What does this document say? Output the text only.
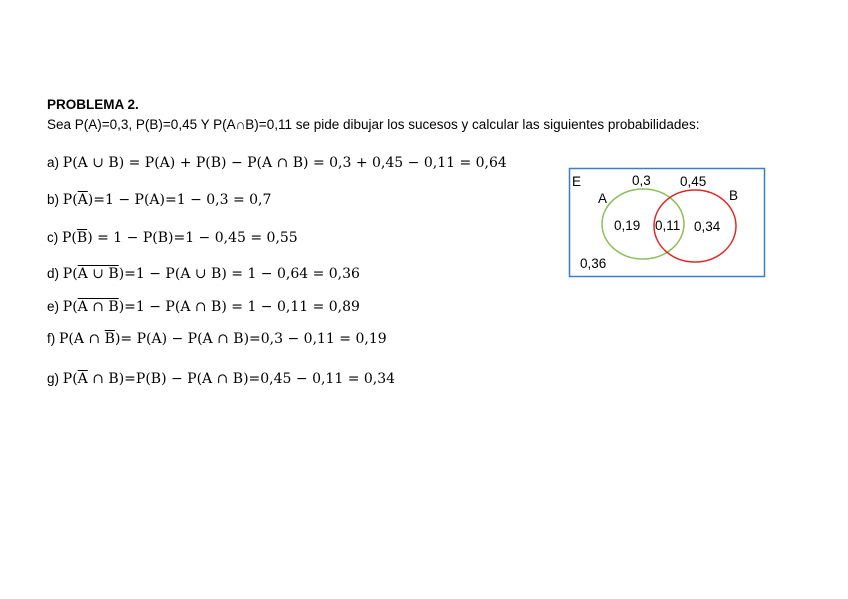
PROBLEMA 2.
Sea P(A)=0,3, P(B)=0,45 Y P(A∩B)=0,11 se pide dibujar los sucesos y calcular las siguientes probabilidades:
a) P(A ∪ B) = P(A) + P(B) − P(A ∩ B) = 0,3 + 0,45 − 0,11 = 0,64
b) $P(\overline{A})=1 - P(A)=1 - 0,3 = 0,7$
c) $P(\overline{B}) = 1 - P(B)=1 - 0,45 = 0,55$
d) P(A ∪ B)=1 − P(A ∪ B) = 1 − 0,64 = 0,36
e) P(A ∩ B)=1 − P(A ∩ B) = 1 − 0,11 = 0,89
f) P(A ∩ $\overline{B})= P(A) - P(A$ ∩ B)=0,3 − 0,11 = 0,19
g) $P(\overline{A}$ ∩ B)=P(B) − P(A ∩ B)=0,45 − 0,11 = 0,34
E
A	B
0,3 0,45
0,19 0,11 0,34
0,36
